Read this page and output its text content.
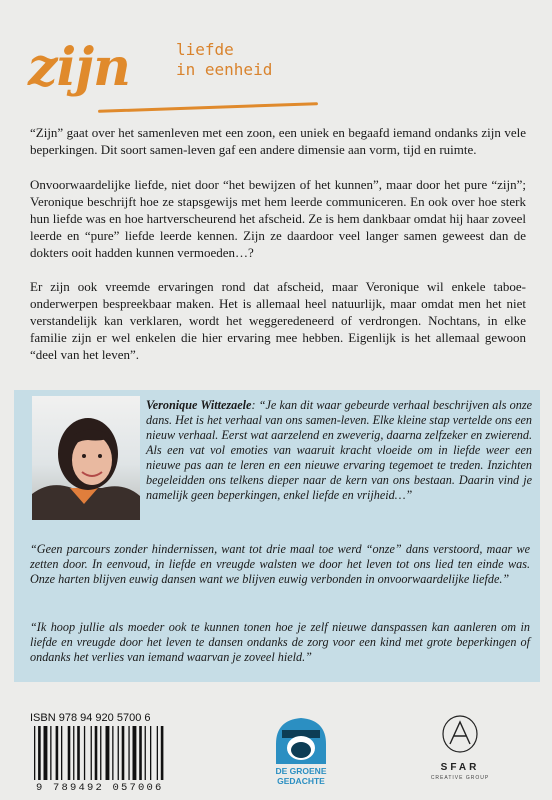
zijn	liefde
in eenheid

“Zijn” gaat over het samenleven met een zoon, een uniek en begaafd iemand ondanks zijn vele beperkingen. Dit soort samen-leven gaf een andere dimensie aan vorm, tijd en ruimte.

Onvoorwaardelijke liefde, niet door “het bewijzen of het kunnen”, maar door het pure “zijn”; Veronique beschrijft hoe ze stapsgewijs met hem leerde communiceren. En ook over hoe sterk hun liefde was en hoe hartverscheurend het afscheid. Ze is hem dankbaar omdat hij haar zoveel leerde en “pure” liefde leerde kennen. Zijn ze daardoor veel langer samen geweest dan de dokters ooit hadden kunnen vermoeden…?

Er zijn ook vreemde ervaringen rond dat afscheid, maar Veronique wil enkele taboe-onderwerpen bespreekbaar maken. Het is allemaal heel natuurlijk, maar omdat men het niet verstandelijk kan verklaren, wordt het weggeredeneerd of verdrongen. Nochtans, in elke familie zijn er wel enkelen die hier ervaring mee hebben. Eigenlijk is het allemaal gewoon “deel van het leven”.

Veronique Wittezaele: “Je kan dit waar gebeurde verhaal beschrijven als onze dans. Het is het verhaal van ons samen-leven. Elke kleine stap vertelde ons een nieuw verhaal. Eerst wat aarzelend en zweverig, daarna zelfzeker en zwierend. Als een vat vol emoties van waaruit kracht vloeide om in liefde weer een nieuwe pas aan te leren en een nieuwe ervaring tegemoet te treden. Inzichten begeleidden ons telkens dieper naar de kern van ons bestaan. Daarin vind je namelijk geen beperkingen, enkel liefde en vrijheid…”

“Geen parcours zonder hindernissen, want tot drie maal toe werd “onze” dans verstoord, maar we zetten door. In eenvoud, in liefde en vreugde walsten we door het leven tot ons lied ten einde was. Onze harten blijven euwig dansen want we blijven euwig verbonden in onvoorwaardelijke liefde.”

“Ik hoop jullie als moeder ook te kunnen tonen hoe je zelf nieuwe danspassen kan aanleren om in liefde en vreugde door het leven te dansen ondanks de zorg voor een kind met grote beperkingen of ondanks het verlies van iemand waarvan je zoveel hield.”

ISBN 978 94 920 5700 6
9 789492 057006
DE GROENE
GEDACHTE
SFAR
CREATIVE GROUP
